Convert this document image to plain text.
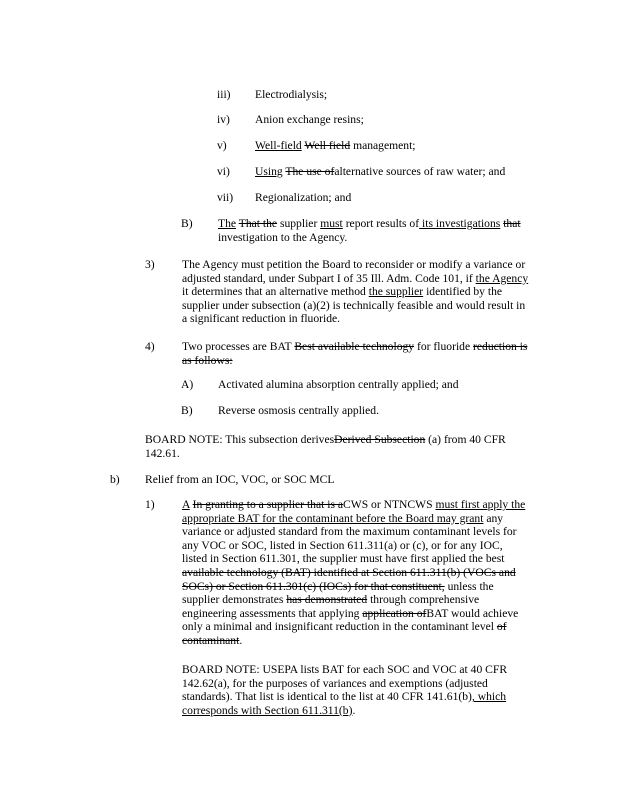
iii) Electrodialysis;
iv) Anion exchange resins;
v) Well-field Well field management;
vi) Using The use ofalternative sources of raw water; and
vii) Regionalization; and
B) The That the supplier must report results of its investigations that
investigation to the Agency.
3) The Agency must petition the Board to reconsider or modify a variance or
adjusted standard, under Subpart I of 35 Ill. Adm. Code 101, if the Agency
it determines that an alternative method the supplier identified by the
supplier under subsection (a)(2) is technically feasible and would result in
a significant reduction in fluoride.
4) Two processes are BAT Best available technology for fluoride reduction is
as follows:
A) Activated alumina absorption centrally applied; and
B) Reverse osmosis centrally applied.
BOARD NOTE: This subsection derivesDerived Subsection (a) from 40 CFR
142.61.
b) Relief from an IOC, VOC, or SOC MCL
1) A In granting to a supplier that is aCWS or NTNCWS must first apply the
appropriate BAT for the contaminant before the Board may grant any
variance or adjusted standard from the maximum contaminant levels for
any VOC or SOC, listed in Section 611.311(a) or (c), or for any IOC,
listed in Section 611.301, the supplier must have first applied the best
available technology (BAT) identified at Section 611.311(b) (VOCs and
SOCs) or Section 611.301(c) (IOCs) for that constituent, unless the
supplier demonstrates has demonstrated through comprehensive
engineering assessments that applying application ofBAT would achieve
only a minimal and insignificant reduction in the contaminant level of
contaminant.
BOARD NOTE: USEPA lists BAT for each SOC and VOC at 40 CFR
142.62(a), for the purposes of variances and exemptions (adjusted
standards). That list is identical to the list at 40 CFR 141.61(b), which
corresponds with Section 611.311(b).
